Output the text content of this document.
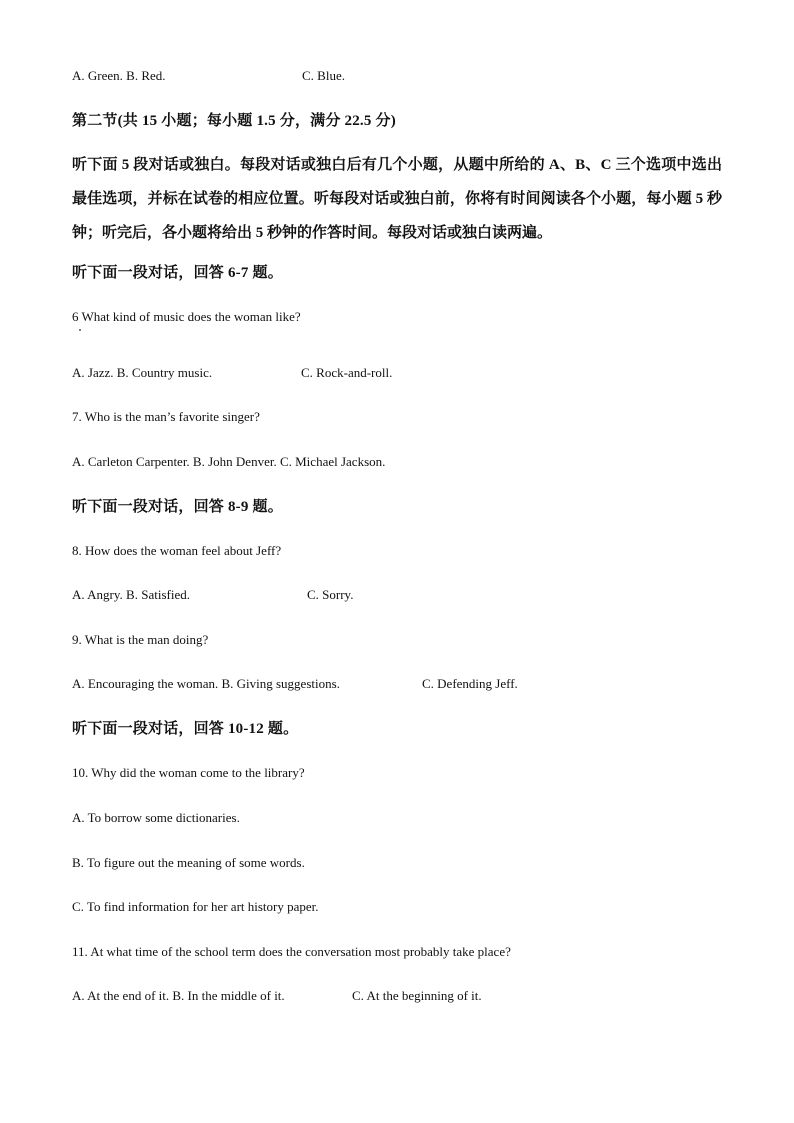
A. Green. B. Red.	C. Blue.
第二节(共 15 小题；每小题 1.5 分，满分 22.5 分)
听下面 5 段对话或独白。每段对话或独白后有几个小题，从题中所给的 A、B、C 三个选项中选出最佳选项，并标在试卷的相应位置。听每段对话或独白前，你将有时间阅读各个小题，每小题 5 秒钟；听完后，各小题将给出 5 秒钟的作答时间。每段对话或独白读两遍。
听下面一段对话，回答 6-7 题。
6 What kind of music does the woman like?
A. Jazz. B. Country music.	C. Rock-and-roll.
7. Who is the man’s favorite singer?
A. Carleton Carpenter. B. John Denver. C. Michael Jackson.
听下面一段对话，回答 8-9 题。
8. How does the woman feel about Jeff?
A. Angry. B. Satisfied.	C. Sorry.
9. What is the man doing?
A. Encouraging the woman. B. Giving suggestions.	C. Defending Jeff.
听下面一段对话，回答 10-12 题。
10. Why did the woman come to the library?
A. To borrow some dictionaries.
B. To figure out the meaning of some words.
C. To find information for her art history paper.
11. At what time of the school term does the conversation most probably take place?
A. At the end of it. B. In the middle of it.	C. At the beginning of it.
